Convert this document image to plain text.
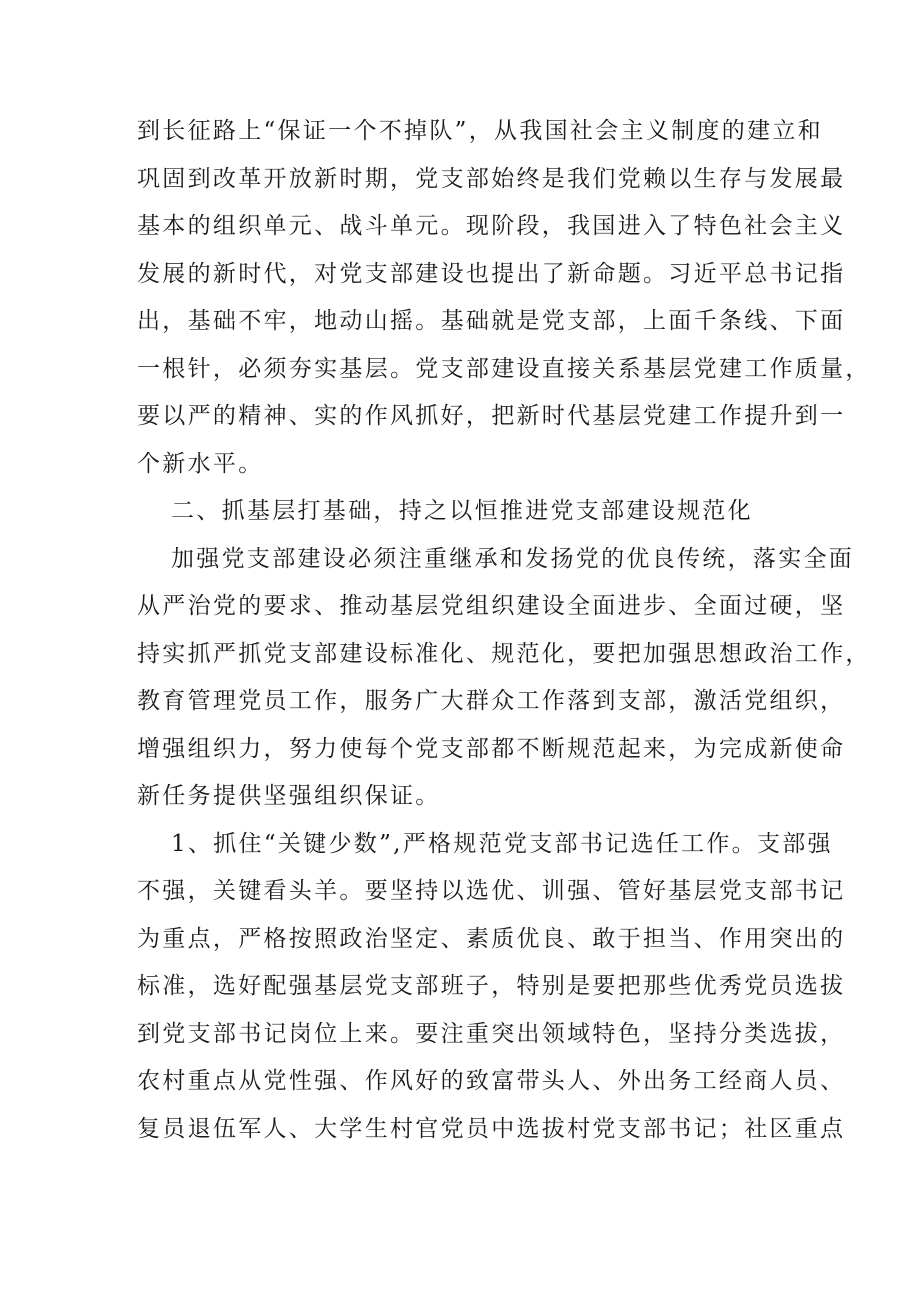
到长征路上“保证一个不掉队”，从我国社会主义制度的建立和
巩固到改革开放新时期，党支部始终是我们党赖以生存与发展最
基本的组织单元、战斗单元。现阶段，我国进入了特色社会主义
发展的新时代，对党支部建设也提出了新命题。习近平总书记指
出，基础不牢，地动山摇。基础就是党支部，上面千条线、下面
一根针，必须夯实基层。党支部建设直接关系基层党建工作质量，
要以严的精神、实的作风抓好，把新时代基层党建工作提升到一
个新水平。
二、抓基层打基础，持之以恒推进党支部建设规范化
加强党支部建设必须注重继承和发扬党的优良传统，落实全面
从严治党的要求、推动基层党组织建设全面进步、全面过硬，坚
持实抓严抓党支部建设标准化、规范化，要把加强思想政治工作，
教育管理党员工作，服务广大群众工作落到支部，激活党组织，
增强组织力，努力使每个党支部都不断规范起来，为完成新使命
新任务提供坚强组织保证。
1、抓住“关键少数”,严格规范党支部书记选任工作。支部强
不强，关键看头羊。要坚持以选优、训强、管好基层党支部书记
为重点，严格按照政治坚定、素质优良、敢于担当、作用突出的
标准，选好配强基层党支部班子，特别是要把那些优秀党员选拔
到党支部书记岗位上来。要注重突出领域特色，坚持分类选拔，
农村重点从党性强、作风好的致富带头人、外出务工经商人员、
复员退伍军人、大学生村官党员中选拔村党支部书记；社区重点
